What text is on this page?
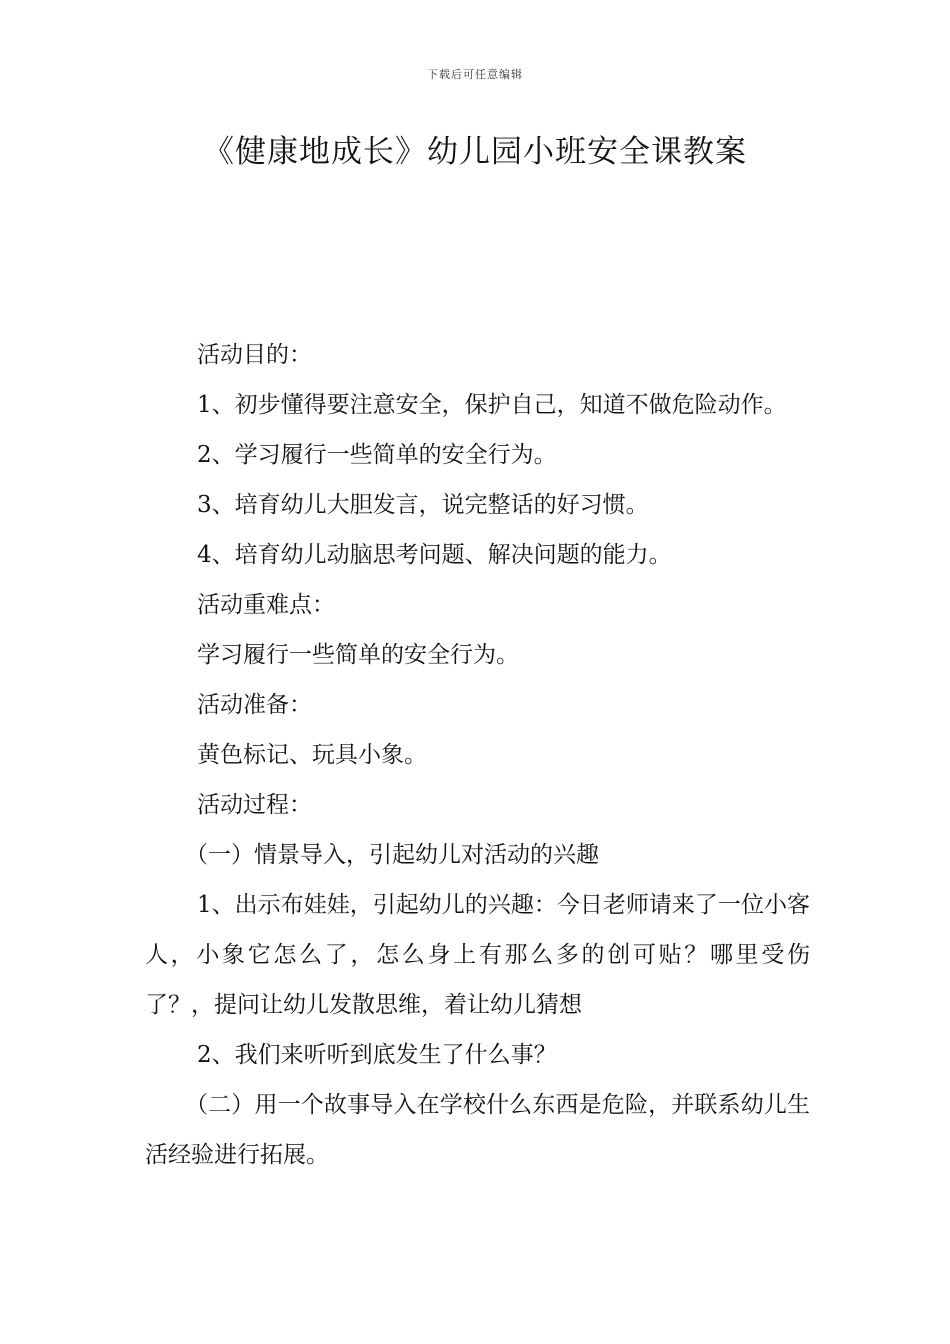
下载后可任意编辑
《健康地成长》幼儿园小班安全课教案

活动目的：

1、初步懂得要注意安全，保护自己，知道不做危险动作。

2、学习履行一些简单的安全行为。

3、培育幼儿大胆发言，说完整话的好习惯。

4、培育幼儿动脑思考问题、解决问题的能力。

活动重难点：

学习履行一些简单的安全行为。

活动准备：

黄色标记、玩具小象。

活动过程：

（一）情景导入，引起幼儿对活动的兴趣

1、出示布娃娃，引起幼儿的兴趣：今日老师请来了一位小客人，小象它怎么了，怎么身上有那么多的创可贴？哪里受伤了？，提问让幼儿发散思维，着让幼儿猜想

2、我们来听听到底发生了什么事？

（二）用一个故事导入在学校什么东西是危险，并联系幼儿生活经验进行拓展。
